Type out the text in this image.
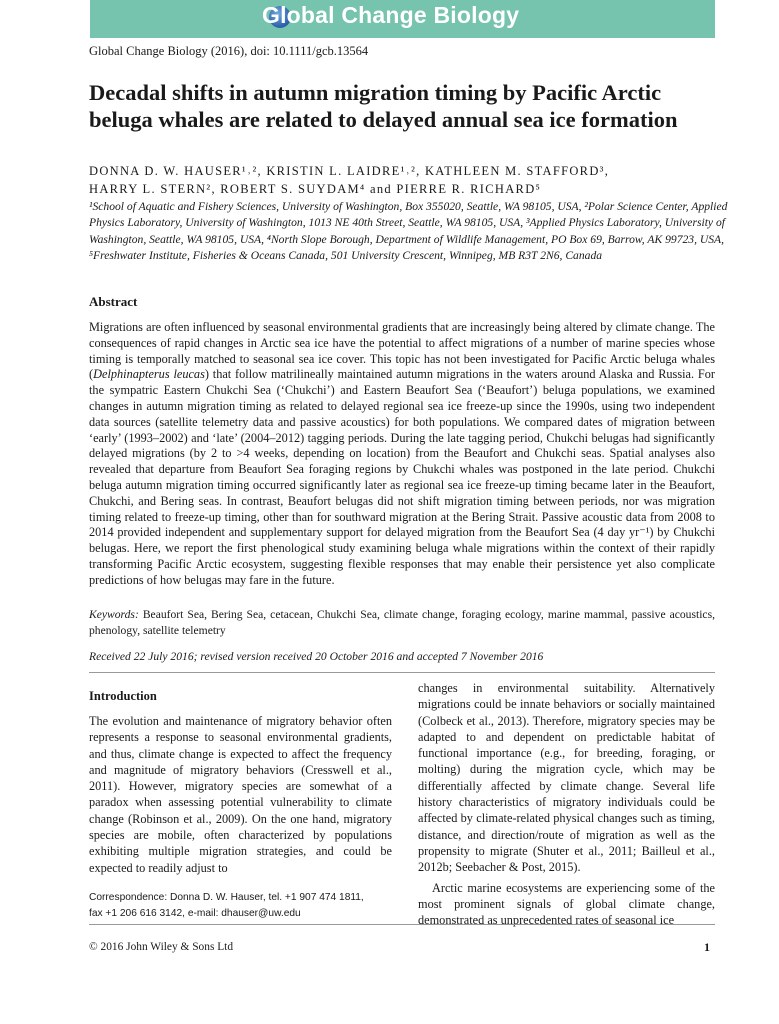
Global Change Biology
Global Change Biology (2016), doi: 10.1111/gcb.13564
Decadal shifts in autumn migration timing by Pacific Arctic beluga whales are related to delayed annual sea ice formation
DONNA D. W. HAUSER¹˒², KRISTIN L. LAIDRE¹˒², KATHLEEN M. STAFFORD³,
HARRY L. STERN², ROBERT S. SUYDAM⁴ and PIERRE R. RICHARD⁵
¹School of Aquatic and Fishery Sciences, University of Washington, Box 355020, Seattle, WA 98105, USA, ²Polar Science Center, Applied Physics Laboratory, University of Washington, 1013 NE 40th Street, Seattle, WA 98105, USA, ³Applied Physics Laboratory, University of Washington, Seattle, WA 98105, USA, ⁴North Slope Borough, Department of Wildlife Management, PO Box 69, Barrow, AK 99723, USA, ⁵Freshwater Institute, Fisheries & Oceans Canada, 501 University Crescent, Winnipeg, MB R3T 2N6, Canada
Abstract
Migrations are often influenced by seasonal environmental gradients that are increasingly being altered by climate change. The consequences of rapid changes in Arctic sea ice have the potential to affect migrations of a number of marine species whose timing is temporally matched to seasonal sea ice cover. This topic has not been investigated for Pacific Arctic beluga whales (Delphinapterus leucas) that follow matrilineally maintained autumn migrations in the waters around Alaska and Russia. For the sympatric Eastern Chukchi Sea (‘Chukchi’) and Eastern Beaufort Sea (‘Beaufort’) beluga populations, we examined changes in autumn migration timing as related to delayed regional sea ice freeze-up since the 1990s, using two independent data sources (satellite telemetry data and passive acoustics) for both populations. We compared dates of migration between ‘early’ (1993–2002) and ‘late’ (2004–2012) tagging periods. During the late tagging period, Chukchi belugas had significantly delayed migrations (by 2 to >4 weeks, depending on location) from the Beaufort and Chukchi seas. Spatial analyses also revealed that departure from Beaufort Sea foraging regions by Chukchi whales was postponed in the late period. Chukchi beluga autumn migration timing occurred significantly later as regional sea ice freeze-up timing became later in the Beaufort, Chukchi, and Bering seas. In contrast, Beaufort belugas did not shift migration timing between periods, nor was migration timing related to freeze-up timing, other than for southward migration at the Bering Strait. Passive acoustic data from 2008 to 2014 provided independent and supplementary support for delayed migration from the Beaufort Sea (4 day yr⁻¹) by Chukchi belugas. Here, we report the first phenological study examining beluga whale migrations within the context of their rapidly transforming Pacific Arctic ecosystem, suggesting flexible responses that may enable their persistence yet also complicate predictions of how belugas may fare in the future.
Keywords: Beaufort Sea, Bering Sea, cetacean, Chukchi Sea, climate change, foraging ecology, marine mammal, passive acoustics, phenology, satellite telemetry
Received 22 July 2016; revised version received 20 October 2016 and accepted 7 November 2016
Introduction
The evolution and maintenance of migratory behavior often represents a response to seasonal environmental gradients, and thus, climate change is expected to affect the frequency and magnitude of migratory behaviors (Cresswell et al., 2011). However, migratory species are somewhat of a paradox when assessing potential vulnerability to climate change (Robinson et al., 2009). On the one hand, migratory species are mobile, often characterized by populations exhibiting multiple migration strategies, and could be expected to readily adjust to

changes in environmental suitability. Alternatively migrations could be innate behaviors or socially maintained (Colbeck et al., 2013). Therefore, migratory species may be adapted to and dependent on predictable habitat of functional importance (e.g., for breeding, foraging, or molting) during the migration cycle, which may be differentially affected by climate change. Several life history characteristics of migratory individuals could be affected by climate-related physical changes such as timing, distance, and direction/route of migration as well as the propensity to migrate (Shuter et al., 2011; Bailleul et al., 2012b; Seebacher & Post, 2015).

Arctic marine ecosystems are experiencing some of the most prominent signals of global climate change, demonstrated as unprecedented rates of seasonal ice

Correspondence: Donna D. W. Hauser, tel. +1 907 474 1811,
fax +1 206 616 3142, e-mail: dhauser@uw.edu
© 2016 John Wiley & Sons Ltd	1
